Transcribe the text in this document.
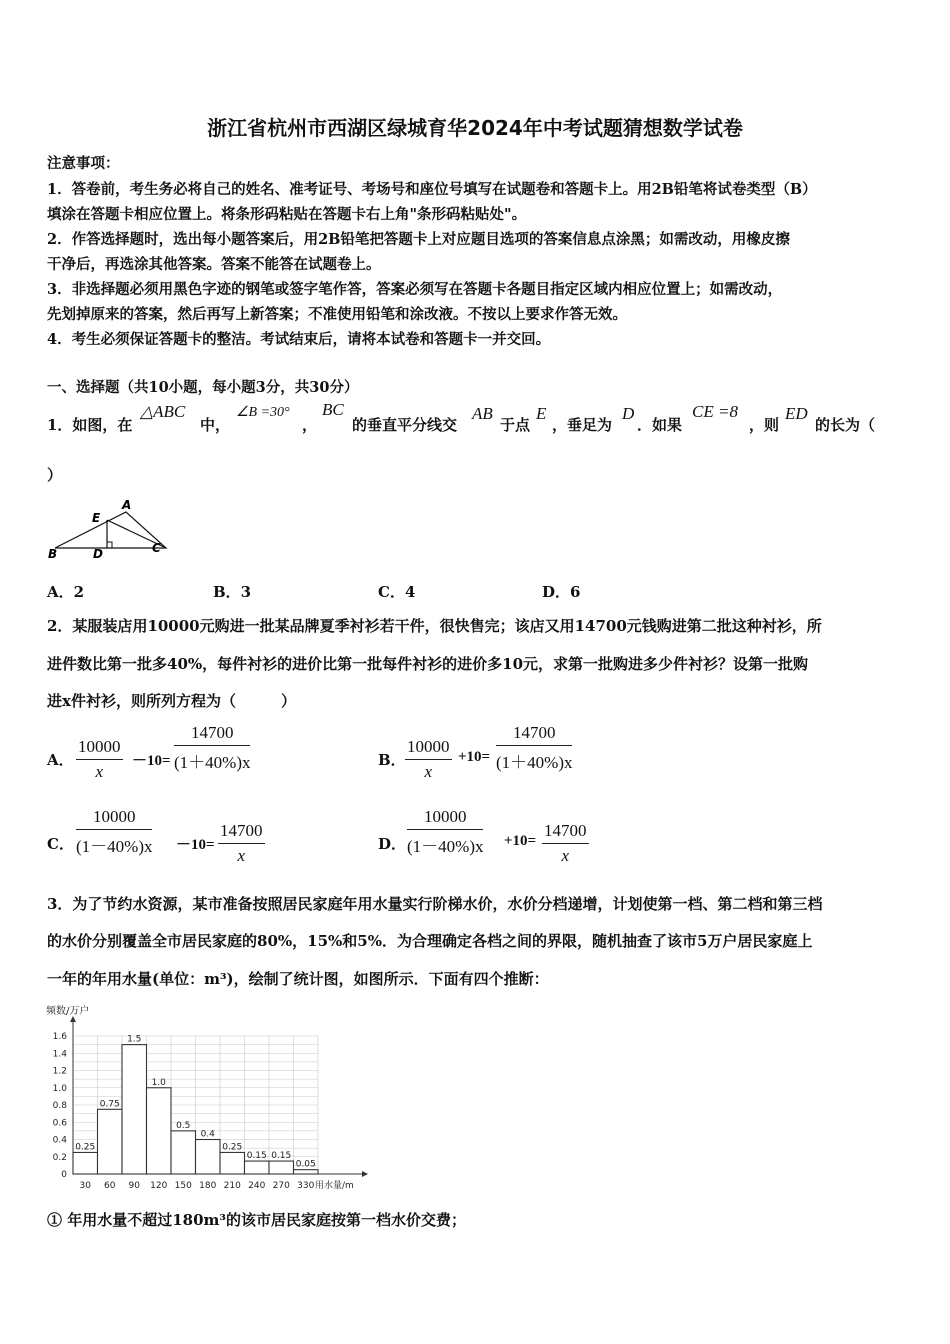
浙江省杭州市西湖区绿城育华2024年中考试题猜想数学试卷
注意事项：
1．答卷前，考生务必将自己的姓名、准考证号、考场号和座位号填写在试题卷和答题卡上。用2B铅笔将试卷类型（B）
填涂在答题卡相应位置上。将条形码粘贴在答题卡右上角"条形码粘贴处"。
2．作答选择题时，选出每小题答案后，用2B铅笔把答题卡上对应题目选项的答案信息点涂黑；如需改动，用橡皮擦
干净后，再选涂其他答案。答案不能答在试题卷上。
3．非选择题必须用黑色字迹的钢笔或签字笔作答，答案必须写在答题卡各题目指定区域内相应位置上；如需改动，
先划掉原来的答案，然后再写上新答案；不准使用铅笔和涂改液。不按以上要求作答无效。
4．考生必须保证答题卡的整洁。考试结束后，请将本试卷和答题卡一并交回。
一、选择题（共10小题，每小题3分，共30分）
1．如图，在
△ABC
中，
∠B =30°
，
BC
的垂直平分线交
AB
于点
E
，垂足为
D
．如果
CE =8
，则
ED
的长为（
）
A
E
B	D	C
A．2	B．3	C．4	D．6
2．某服装店用10000元购进一批某品牌夏季衬衫若干件，很快售完；该店又用14700元钱购进第二批这种衬衫，所
进件数比第一批多40%，每件衬衫的进价比第一批每件衬衫的进价多10元，求第一批购进多少件衬衫？设第一批购
进x件衬衫，则所列方程为（　　　）
A． $\frac{10000}{x} -10= \frac{14700}{(1+40\%)x}$	B． $\frac{10000}{x} +10= \frac{14700}{(1+40\%)x}$
C． $\frac{10000}{(1-40\%)x} -10= \frac{14700}{x}$	D． $\frac{10000}{(1-40\%)x} +10= \frac{14700}{x}$
3．为了节约水资源，某市准备按照居民家庭年用水量实行阶梯水价，水价分档递增，计划使第一档、第二档和第三档
的水价分别覆盖全市居民家庭的80%，15%和5%．为合理确定各档之间的界限，随机抽查了该市5万户居民家庭上
一年的年用水量(单位：m³)，绘制了统计图，如图所示．下面有四个推断：
0.25
0.75
1.5
1.0
0.5
0.4
0.25
0.15 0.15
0.05
0
0.2
0.4
0.6
0.8
1.0
1.2
1.4
1.6
30 60 90 120 150 180 210 240 270 330
频数/万户
用水量/m
① 年用水量不超过180m³的该市居民家庭按第一档水价交费；
